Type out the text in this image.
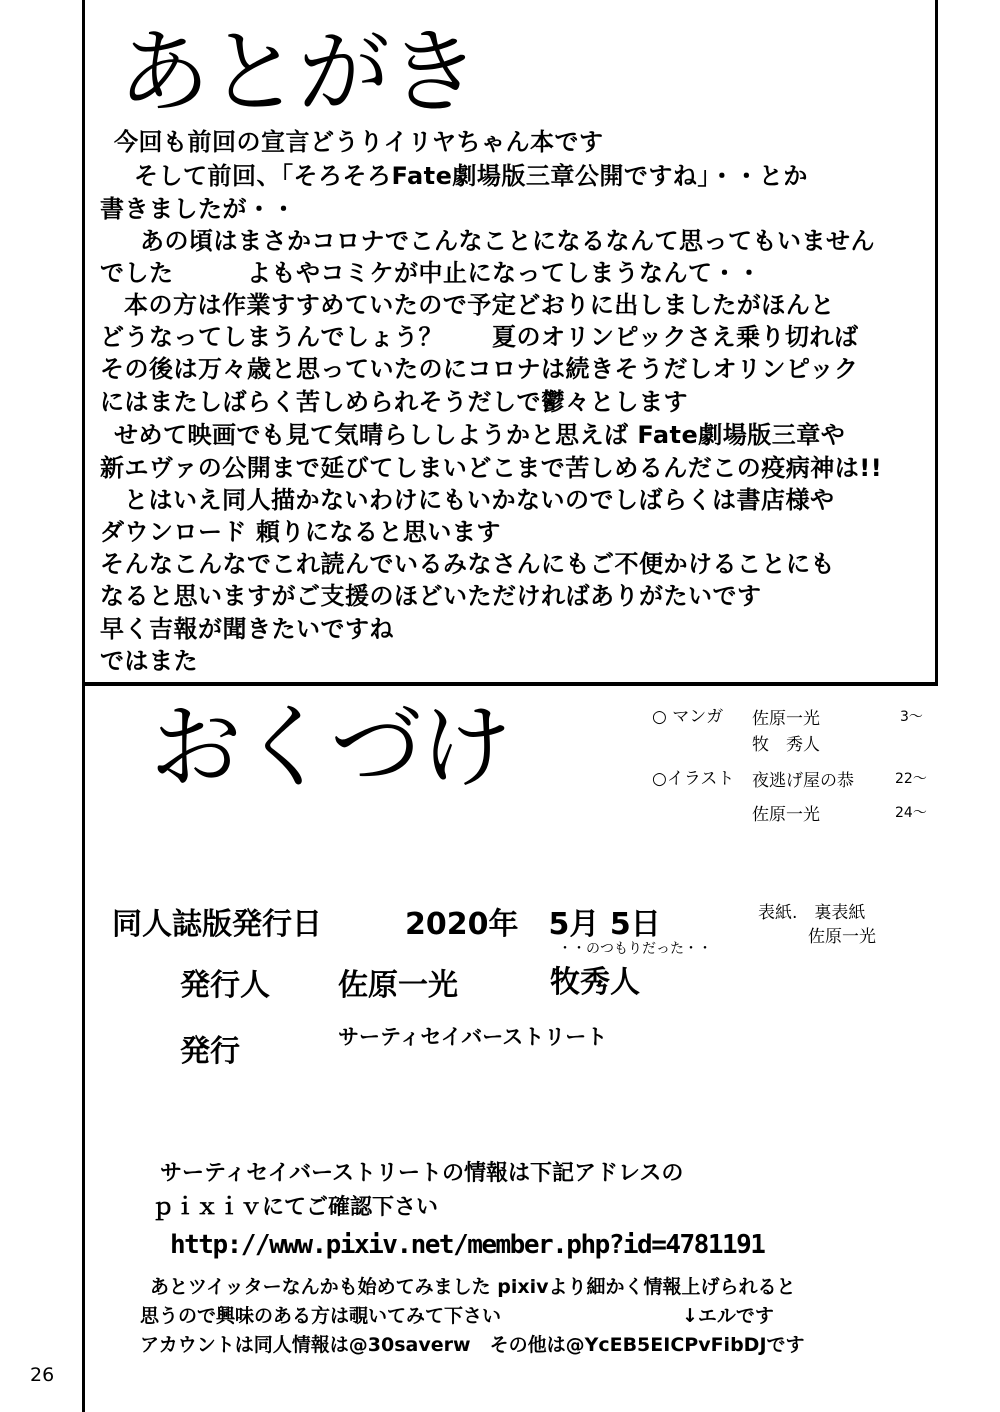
あとがき

今回も前回の宣言どうりイリヤちゃん本です

そして前回、「そろそろFate劇場版三章公開ですね」・・とか

書きましたが・・

あの頃はまさかコロナでこんなことになるなんて思ってもいません

でした　　　よもやコミケが中止になってしまうなんて・・

本の方は作業すすめていたので予定どおりに出しましたがほんと

どうなってしまうんでしょう？　　夏のオリンピックさえ乗り切れば

その後は万々歳と思っていたのにコロナは続きそうだしオリンピック

にはまたしばらく苦しめられそうだしで鬱々とします

せめて映画でも見て気晴らししようかと思えば Fate劇場版三章や

新エヴァの公開まで延びてしまいどこまで苦しめるんだこの疫病神は!!

とはいえ同人描かないわけにもいかないのでしばらくは書店様や

ダウンロード 頼りになると思います

そんなこんなでこれ読んでいるみなさんにもご不便かけることにも

なると思いますがご支援のほどいただければありがたいです

早く吉報が聞きたいですね

ではまた

おくづけ	○ マンガ 佐原一光	3～
牧　秀人
○イラスト 夜逃げ屋の恭	22～
佐原一光	24～
表紙.　裏表紙
佐原一光
同人誌版発行日	2020年　5月 5日
・・のつもりだった・・
発行人 佐原一光	牧秀人
発行	サーティセイバーストリート
サーティセイバーストリートの情報は下記アドレスの
ｐｉｘｉｖにてご確認下さい
http://www.pixiv.net/member.php?id=4781191
あとツイッターなんかも始めてみました pixivより細かく情報上げられると
思うので興味のある方は覗いてみて下さい	↓エルです
アカウントは同人情報は@30saverw　その他は@YcEB5EICPvFibDJです
26
